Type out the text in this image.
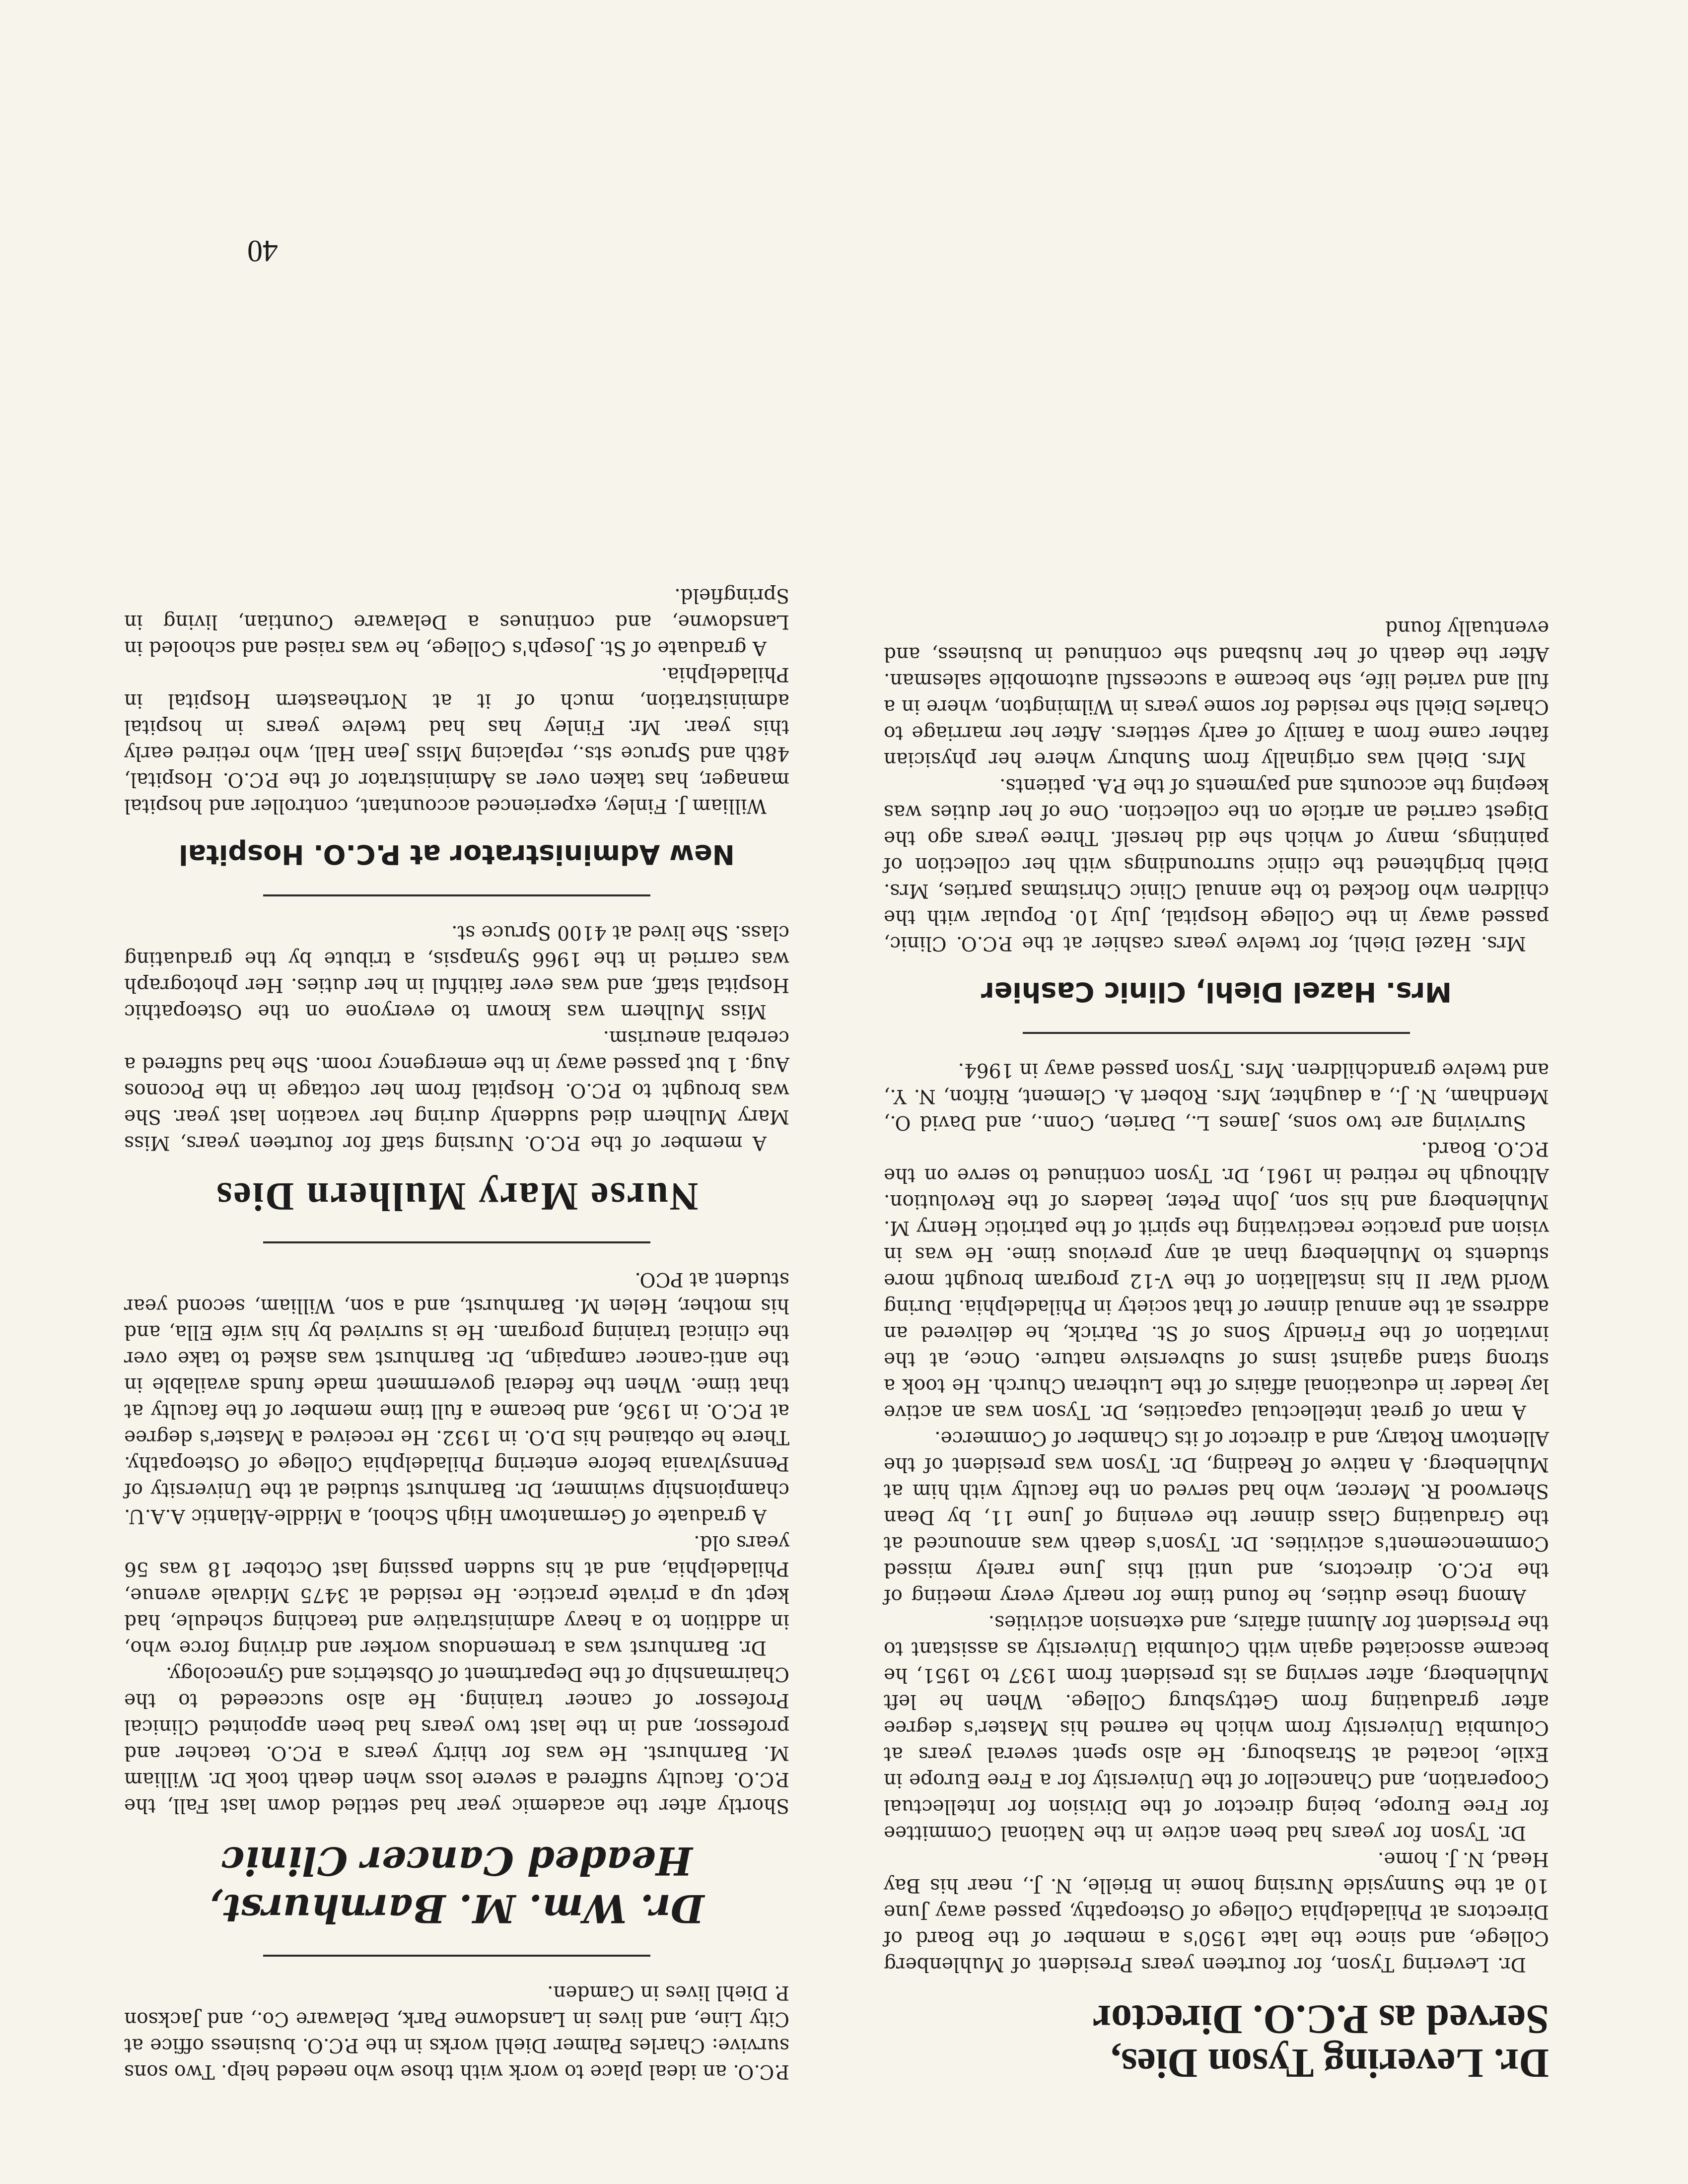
Dr. Levering Tyson Dies,
Served as P.C.O. Director

Dr. Levering Tyson, for fourteen years President of Muhlenberg College, and since the late 1950's a member of the Board of Directors at Philadelphia College of Osteopathy, passed away June 10 at the Sunnyside Nursing home in Brielle, N. J., near his Bay Head, N. J. home.

Dr. Tyson for years had been active in the National Committee for Free Europe, being director of the Division for Intellectual Cooperation, and Chancellor of the University for a Free Europe in Exile, located at Strasbourg. He also spent several years at Columbia University from which he earned his Master's degree after graduating from Gettysburg College. When he left Muhlenberg, after serving as its president from 1937 to 1951, he became associated again with Columbia University as assistant to the President for Alumni affairs, and extension activities.

Among these duties, he found time for nearly every meeting of the P.C.O. directors, and until this June rarely missed Commencement's activities. Dr. Tyson's death was announced at the Graduating Class dinner the evening of June 11, by Dean Sherwood R. Mercer, who had served on the faculty with him at Muhlenberg. A native of Reading, Dr. Tyson was president of the Allentown Rotary, and a director of its Chamber of Commerce.

A man of great intellectual capacities, Dr. Tyson was an active lay leader in educational affairs of the Lutheran Church. He took a strong stand against isms of subversive nature. Once, at the invitation of the Friendly Sons of St. Patrick, he delivered an address at the annual dinner of that society in Philadelphia. During World War II his installation of the V-12 program brought more students to Muhlenberg than at any previous time. He was in vision and practice reactivating the spirit of the patriotic Henry M. Muhlenberg and his son, John Peter, leaders of the Revolution. Although he retired in 1961, Dr. Tyson continued to serve on the P.C.O. Board.

Surviving are two sons, James L., Darien, Conn., and David O., Mendham, N. J., a daughter, Mrs. Robert A. Clement, Rifton, N. Y., and twelve grandchildren. Mrs. Tyson passed away in 1964.

Mrs. Hazel Diehl, Clinic Cashier

Mrs. Hazel Diehl, for twelve years cashier at the P.C.O. Clinic, passed away in the College Hospital, July 10. Popular with the children who flocked to the annual Clinic Christmas parties, Mrs. Diehl brightened the clinic surroundings with her collection of paintings, many of which she did herself. Three years ago the Digest carried an article on the collection. One of her duties was keeping the accounts and payments of the P.A. patients.

Mrs. Diehl was originally from Sunbury where her physician father came from a family of early settlers. After her marriage to Charles Diehl she resided for some years in Wilmington, where in a full and varied life, she became a successful automobile salesman. After the death of her husband she continued in business, and eventually found

P.C.O. an ideal place to work with those who needed help. Two sons survive: Charles Palmer Diehl works in the P.C.O. business office at City Line, and lives in Lansdowne Park, Delaware Co., and Jackson P. Diehl lives in Camden.

Dr. Wm. M. Barnhurst,
Headed Cancer Clinic

Shortly after the academic year had settled down last Fall, the P.C.O. faculty suffered a severe loss when death took Dr. William M. Barnhurst. He was for thirty years a P.C.O. teacher and professor, and in the last two years had been appointed Clinical Professor of cancer training. He also succeeded to the Chairmanship of the Department of Obstetrics and Gynecology.

Dr. Barnhurst was a tremendous worker and driving force who, in addition to a heavy administrative and teaching schedule, had kept up a private practice. He resided at 3475 Midvale avenue, Philadelphia, and at his sudden passing last October 18 was 56 years old.

A graduate of Germantown High School, a Middle-Atlantic A.A.U. championship swimmer, Dr. Barnhurst studied at the University of Pennsylvania before entering Philadelphia College of Osteopathy. There he obtained his D.O. in 1932. He received a Master's degree at P.C.O. in 1936, and became a full time member of the faculty at that time. When the federal government made funds available in the anti-cancer campaign, Dr. Barnhurst was asked to take over the clinical training program. He is survived by his wife Ella, and his mother, Helen M. Barnhurst, and a son, William, second year student at PCO.

Nurse Mary Mulhern Dies

A member of the P.C.O. Nursing staff for fourteen years, Miss Mary Mulhern died suddenly during her vacation last year. She was brought to P.C.O. Hospital from her cottage in the Poconos Aug. 1 but passed away in the emergency room. She had suffered a cerebral aneurism.

Miss Mulhern was known to everyone on the Osteopathic Hospital staff, and was ever faithful in her duties. Her photograph was carried in the 1966 Synapsis, a tribute by the graduating class. She lived at 4100 Spruce st.

New Administrator at P.C.O. Hospital

William J. Finley, experienced accountant, controller and hospital manager, has taken over as Administrator of the P.C.O. Hospital, 48th and Spruce sts., replacing Miss Jean Hall, who retired early this year. Mr. Finley has had twelve years in hospital administration, much of it at Northeastern Hospital in Philadelphia.

A graduate of St. Joseph's College, he was raised and schooled in Lansdowne, and continues a Delaware Countian, living in Springfield.

40
